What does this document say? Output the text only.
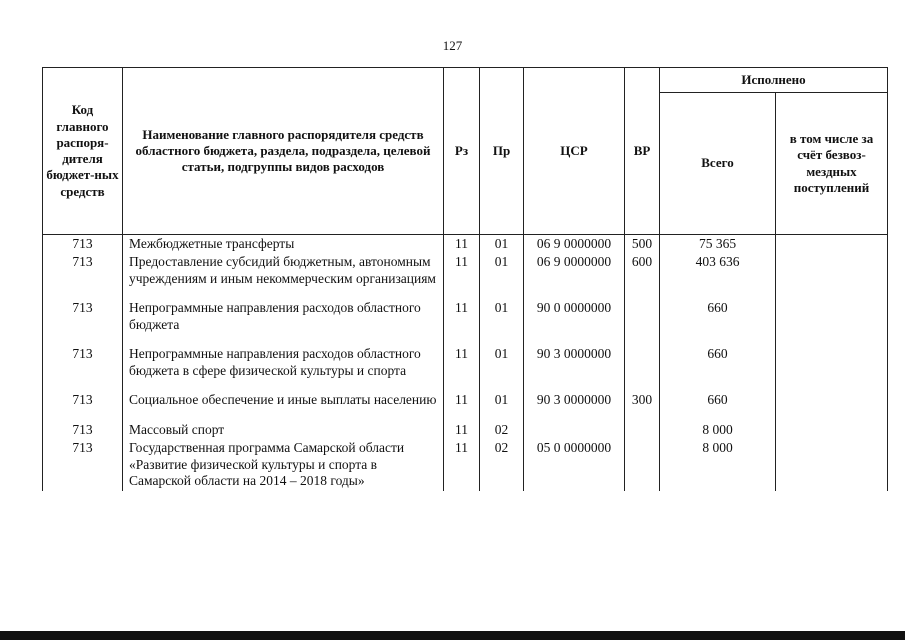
127
Код главного распоря-дителя бюджет-ных средств	Наименование главного распорядителя средств областного бюджета, раздела, подраздела, целевой статьи, подгруппы видов расходов	Рз	Пр	ЦСР	ВР	Исполнено	
						Всего	в том числе за счёт безвоз-мездных поступлений
713	Межбюджетные трансферты	11	01	06 9 0000000	500	75 365	
713	Предоставление субсидий бюджетным, автономным учреждениям и иным некоммерческим организациям	11	01	06 9 0000000	600	403 636	
713	Непрограммные направления расходов областного бюджета	11	01	90 0 0000000		660	
713	Непрограммные направления расходов областного бюджета в сфере физической культуры и спорта	11	01	90 3 0000000		660	
713	Социальное обеспечение и иные выплаты населению	11	01	90 3 0000000	300	660	
713	Массовый спорт	11	02			8 000	
713	Государственная программа Самарской области «Развитие физической культуры и спорта в Самарской области на 2014 – 2018 годы»	11	02	05 0 0000000		8 000	
